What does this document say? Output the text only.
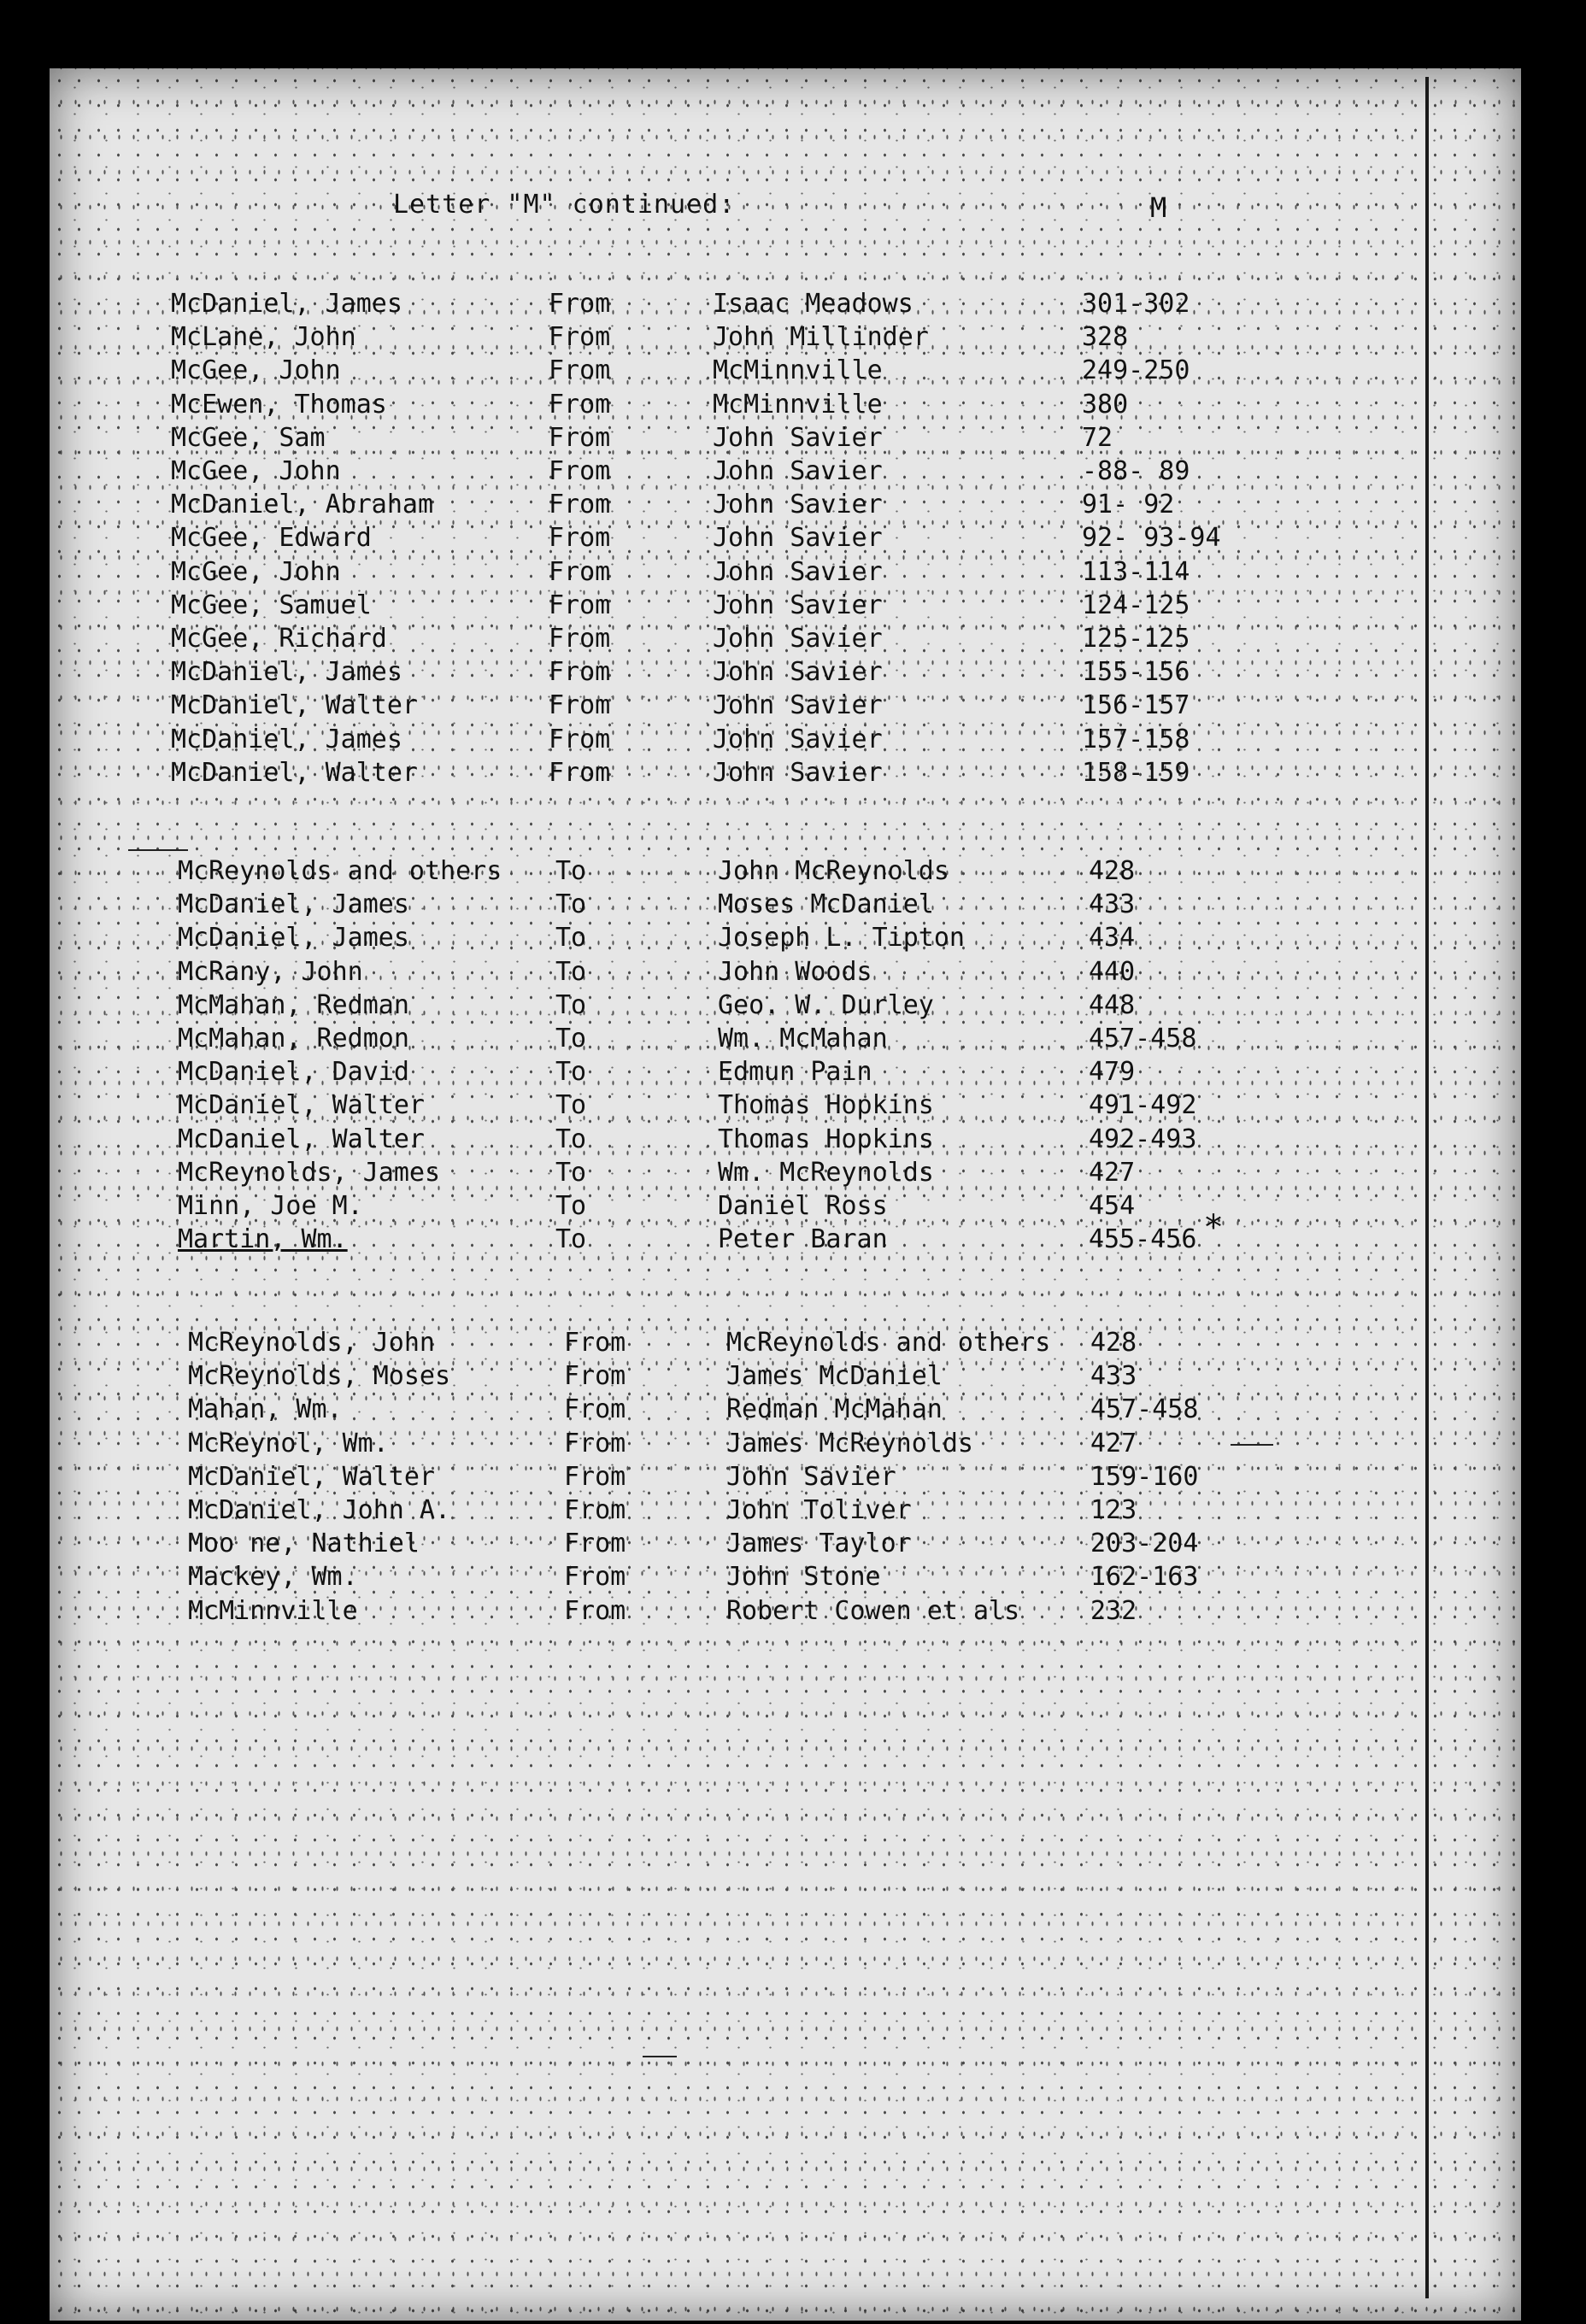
Letter "M" continued:	M
McDaniel, James	From	Isaac Meadows	301-302
McLane, John	From	John Millinder	328
McGee, John	From	McMinnville	249-250
McEwen, Thomas	From	McMinnville	380
McGee, Sam	From	John Savier	72
McGee, John	From	John Savier	-88- 89
McDaniel, Abraham	From	John Savier	91- 92
McGee, Edward	From	John Savier	92- 93-94
McGee, John	From	John Savier	113-114
McGee, Samuel	From	John Savier	124-125
McGee, Richard	From	John Savier	125-125
McDaniel, James	From	John Savier	155-156
McDaniel, Walter	From	John Savier	156-157
McDaniel, James	From	John Savier	157-158
McDaniel, Walter	From	John Savier	158-159
McReynolds and others To	John McReynolds	428
McDaniel, James	To	Moses McDaniel	433
McDaniel, James	To	Joseph L. Tipton	434
McRany, John	To	John Woods	440
McMahan, Redman	To	Geo. W. Durley	448
McMahan, Redmon	To	Wm. McMahan	457-458
McDaniel, David	To	Edmun Pain	479
McDaniel, Walter	To	Thomas Hopkins	491-492
McDaniel, Walter	To	Thomas Hopkins	492-493
McReynolds, James	To	Wm. McReynolds	427
Minn, Joe M.	To	Daniel Ross	454
Martin, Wm.	To	Peter Baran	455-456
McReynolds, John	From	McReynolds and others 428
McReynolds, Moses	From	James McDaniel	433
Mahan, Wm.	From	Redman McMahan	457-458
McReynol, Wm.	From	James McReynolds	427
McDaniel, Walter	From	John Savier	159-160
McDaniel, John A.	From	John Toliver	123
Moo ne, Nathiel	From	James Taylor	203-204
Mackey, Wm.	From	John Stone	162-163
McMinnville	From	Robert Cowen et als	232
*
